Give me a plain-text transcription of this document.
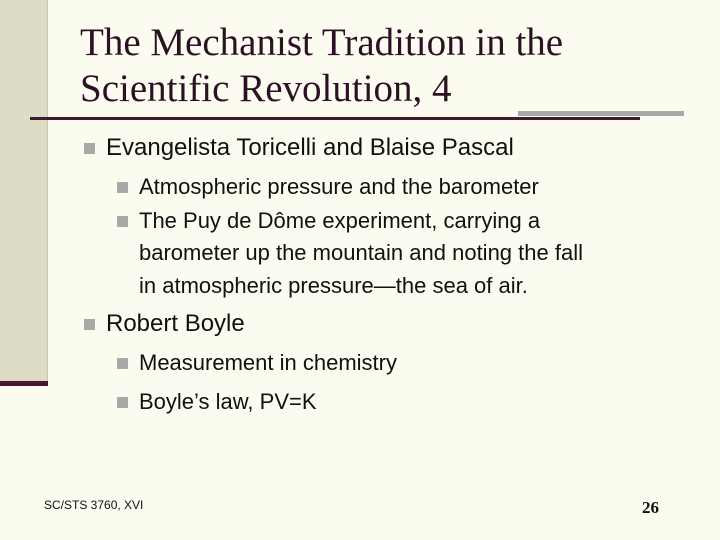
The Mechanist Tradition in the
Scientific Revolution, 4
Evangelista Toricelli and Blaise Pascal
Atmospheric pressure and the barometer
The Puy de Dôme experiment, carrying a
barometer up the mountain and noting the fall
in atmospheric pressure—the sea of air.
Robert Boyle
Measurement in chemistry
Boyle’s law, PV=K
SC/STS 3760, XVI	26
